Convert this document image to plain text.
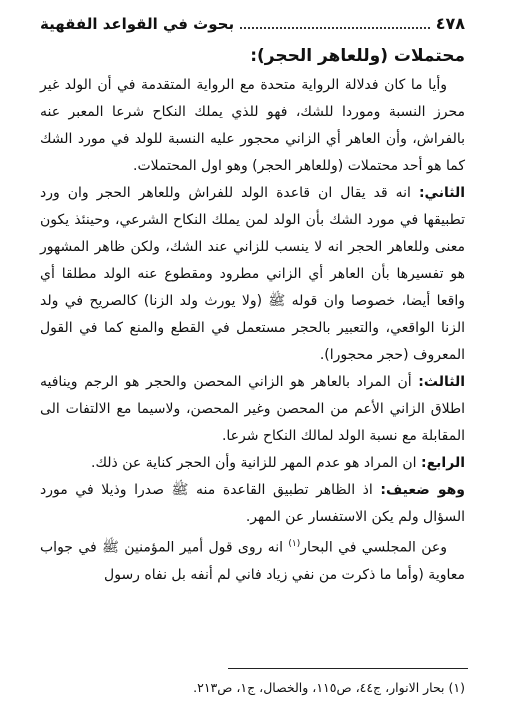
٤٧٨
بحوث في القواعد الفقهية
محتملات (وللعاهر الحجر):

وأيا ما كان فدلالة الرواية متحدة مع الرواية المتقدمة في أن الولد غير محرز النسبة وموردا للشك، فهو للذي يملك النكاح شرعا المعبر عنه بالفراش، وأن العاهر أي الزاني محجور عليه النسبة للولد في مورد الشك كما هو أحد محتملات (وللعاهر الحجر) وهو اول المحتملات.

الثاني: انه قد يقال ان قاعدة الولد للفراش وللعاهر الحجر وان ورد تطبيقها في مورد الشك بأن الولد لمن يملك النكاح الشرعي، وحينئذ يكون معنى وللعاهر الحجر انه لا ينسب للزاني عند الشك، ولكن ظاهر المشهور هو تفسيرها بأن العاهر أي الزاني مطرود ومقطوع عنه الولد مطلقا أي واقعا أيضا، خصوصا وان قوله ﷺ (ولا يورث ولد الزنا) كالصريح في ولد الزنا الواقعي، والتعبير بالحجر مستعمل في القطع والمنع كما في القول المعروف (حجر محجورا).

الثالث: أن المراد بالعاهر هو الزاني المحصن والحجر هو الرجم وينافيه اطلاق الزاني الأعم من المحصن وغير المحصن، ولاسيما مع الالتفات الى المقابلة مع نسبة الولد لمالك النكاح شرعا.

الرابع: ان المراد هو عدم المهر للزانية وأن الحجر كناية عن ذلك.

وهو ضعيف: اذ الظاهر تطبيق القاعدة منه ﷺ صدرا وذيلا في مورد السؤال ولم يكن الاستفسار عن المهر.

وعن المجلسي في البحار$^{(١)}$ انه روى قول أمير المؤمنين ﷺ في جواب معاوية (وأما ما ذكرت من نفي زياد فاني لم أنفه بل نفاه رسول

(١) بحار الانوار، ج٤٤، ص١١٥، والخصال، ج١، ص٢١٣.
